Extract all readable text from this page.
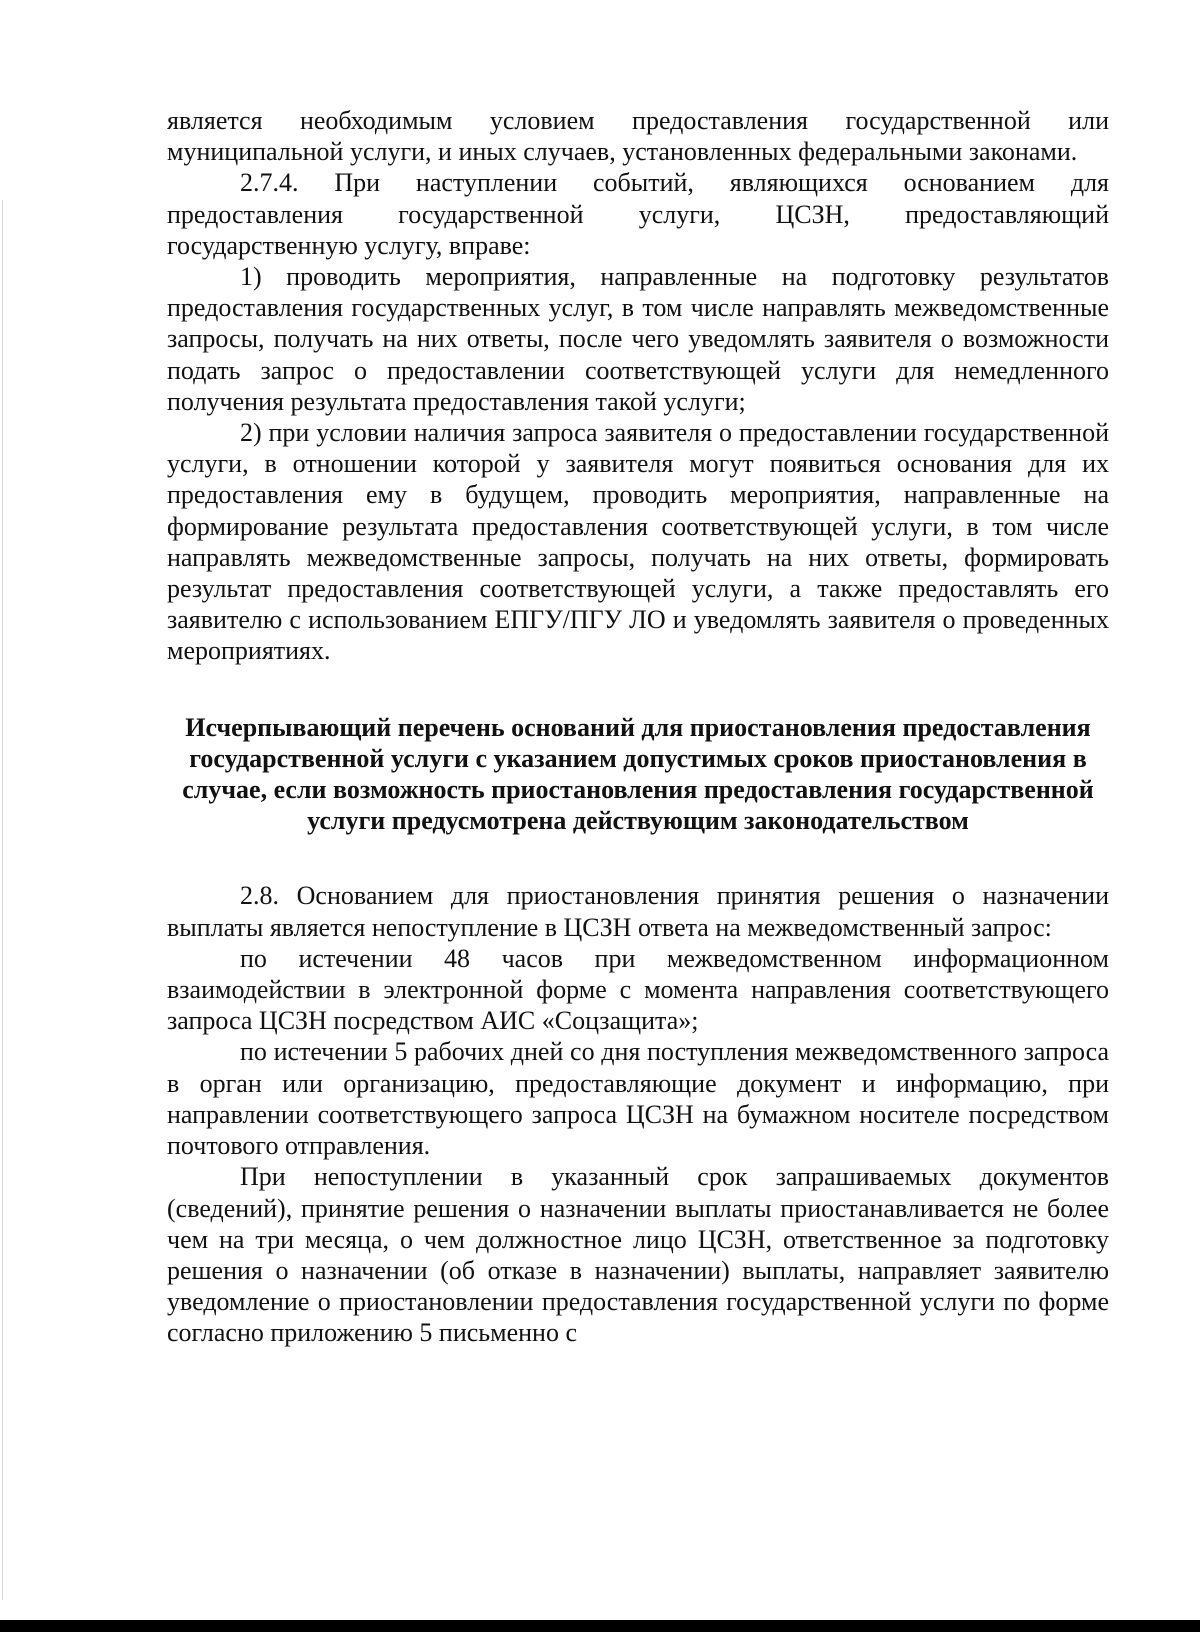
является необходимым условием предоставления государственной или муниципальной услуги, и иных случаев, установленных федеральными законами.

2.7.4. При наступлении событий, являющихся основанием для предоставления государственной услуги, ЦСЗН, предоставляющий государственную услугу, вправе:

1) проводить мероприятия, направленные на подготовку результатов предоставления государственных услуг, в том числе направлять межведомственные запросы, получать на них ответы, после чего уведомлять заявителя о возможности подать запрос о предоставлении соответствующей услуги для немедленного получения результата предоставления такой услуги;

2) при условии наличия запроса заявителя о предоставлении государственной услуги, в отношении которой у заявителя могут появиться основания для их предоставления ему в будущем, проводить мероприятия, направленные на формирование результата предоставления соответствующей услуги, в том числе направлять межведомственные запросы, получать на них ответы, формировать результат предоставления соответствующей услуги, а также предоставлять его заявителю с использованием ЕПГУ/ПГУ ЛО и уведомлять заявителя о проведенных мероприятиях.

Исчерпывающий перечень оснований для приостановления предоставления государственной услуги с указанием допустимых сроков приостановления в случае, если возможность приостановления предоставления государственной услуги предусмотрена действующим законодательством

2.8. Основанием для приостановления принятия решения о назначении выплаты является непоступление в ЦСЗН ответа на межведомственный запрос:

по истечении 48 часов при межведомственном информационном взаимодействии в электронной форме с момента направления соответствующего запроса ЦСЗН посредством АИС «Соцзащита»;

по истечении 5 рабочих дней со дня поступления межведомственного запроса в орган или организацию, предоставляющие документ и информацию, при направлении соответствующего запроса ЦСЗН на бумажном носителе посредством почтового отправления.

При непоступлении в указанный срок запрашиваемых документов (сведений), принятие решения о назначении выплаты приостанавливается не более чем на три месяца, о чем должностное лицо ЦСЗН, ответственное за подготовку решения о назначении (об отказе в назначении) выплаты, направляет заявителю уведомление о приостановлении предоставления государственной услуги по форме согласно приложению 5 письменно с
